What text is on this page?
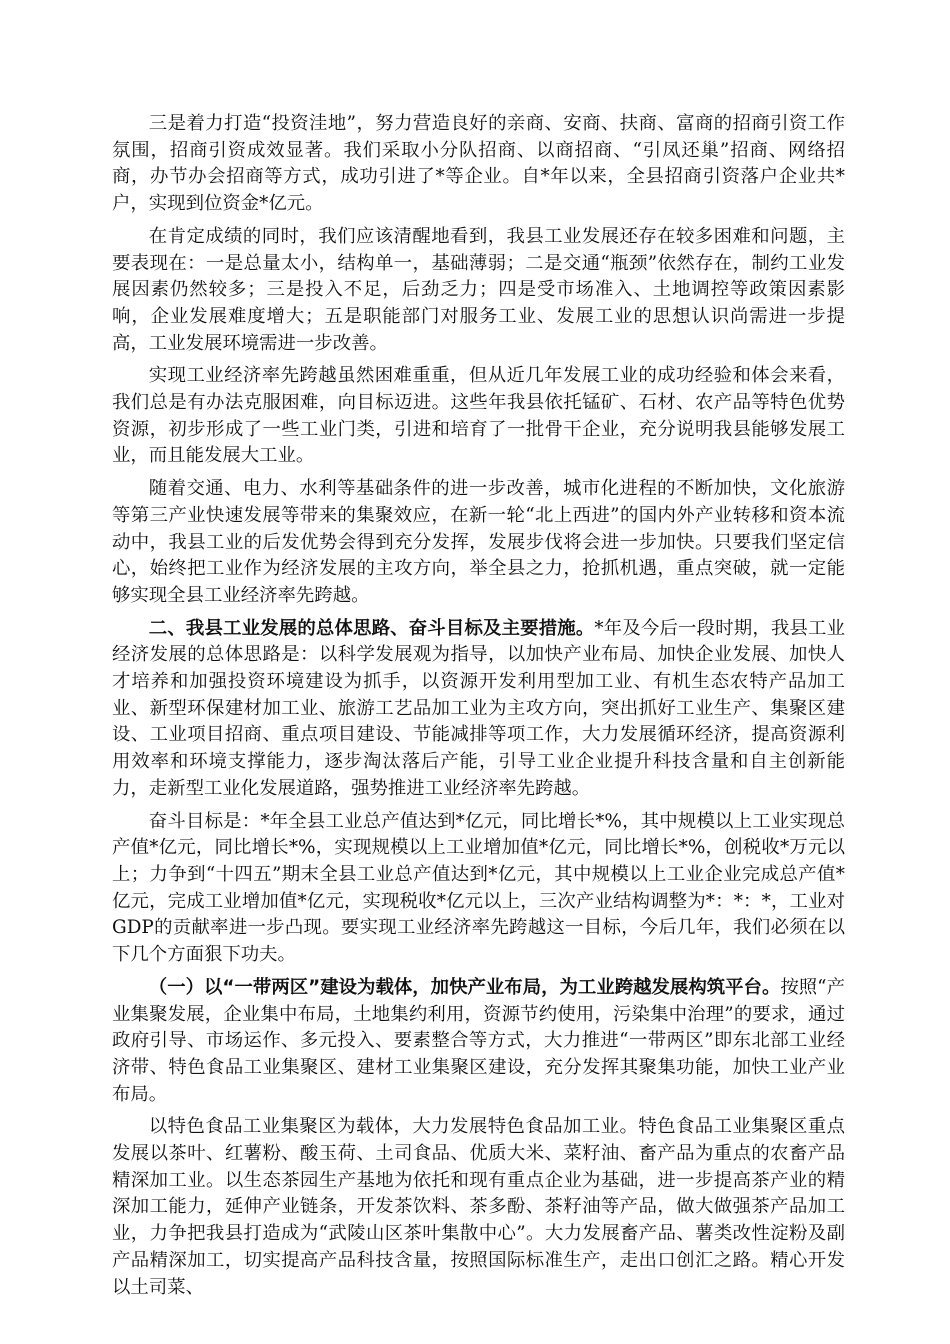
三是着力打造“投资洼地”，努力营造良好的亲商、安商、扶商、富商的招商引资工作氛围，招商引资成效显著。我们采取小分队招商、以商招商、“引凤还巢”招商、网络招商，办节办会招商等方式，成功引进了*等企业。自*年以来，全县招商引资落户企业共*户，实现到位资金*亿元。

在肯定成绩的同时，我们应该清醒地看到，我县工业发展还存在较多困难和问题，主要表现在：一是总量太小，结构单一，基础薄弱；二是交通“瓶颈”依然存在，制约工业发展因素仍然较多；三是投入不足，后劲乏力；四是受市场准入、土地调控等政策因素影响，企业发展难度增大；五是职能部门对服务工业、发展工业的思想认识尚需进一步提高，工业发展环境需进一步改善。

实现工业经济率先跨越虽然困难重重，但从近几年发展工业的成功经验和体会来看，我们总是有办法克服困难，向目标迈进。这些年我县依托锰矿、石材、农产品等特色优势资源，初步形成了一些工业门类，引进和培育了一批骨干企业，充分说明我县能够发展工业，而且能发展大工业。

随着交通、电力、水利等基础条件的进一步改善，城市化进程的不断加快，文化旅游等第三产业快速发展等带来的集聚效应，在新一轮“北上西进”的国内外产业转移和资本流动中，我县工业的后发优势会得到充分发挥，发展步伐将会进一步加快。只要我们坚定信心，始终把工业作为经济发展的主攻方向，举全县之力，抢抓机遇，重点突破，就一定能够实现全县工业经济率先跨越。

二、我县工业发展的总体思路、奋斗目标及主要措施。*年及今后一段时期，我县工业经济发展的总体思路是：以科学发展观为指导，以加快产业布局、加快企业发展、加快人才培养和加强投资环境建设为抓手，以资源开发利用型加工业、有机生态农特产品加工业、新型环保建材加工业、旅游工艺品加工业为主攻方向，突出抓好工业生产、集聚区建设、工业项目招商、重点项目建设、节能减排等项工作，大力发展循环经济，提高资源利用效率和环境支撑能力，逐步淘汰落后产能，引导工业企业提升科技含量和自主创新能力，走新型工业化发展道路，强势推进工业经济率先跨越。

奋斗目标是：*年全县工业总产值达到*亿元，同比增长*%，其中规模以上工业实现总产值*亿元，同比增长*%，实现规模以上工业增加值*亿元，同比增长*%，创税收*万元以上；力争到“十四五”期末全县工业总产值达到*亿元，其中规模以上工业企业完成总产值*亿元，完成工业增加值*亿元，实现税收*亿元以上，三次产业结构调整为*：*：*，工业对GDP的贡献率进一步凸现。要实现工业经济率先跨越这一目标，今后几年，我们必须在以下几个方面狠下功夫。

（一）以“一带两区”建设为载体，加快产业布局，为工业跨越发展构筑平台。按照“产业集聚发展，企业集中布局，土地集约利用，资源节约使用，污染集中治理”的要求，通过政府引导、市场运作、多元投入、要素整合等方式，大力推进“一带两区”即东北部工业经济带、特色食品工业集聚区、建材工业集聚区建设，充分发挥其聚集功能，加快工业产业布局。

以特色食品工业集聚区为载体，大力发展特色食品加工业。特色食品工业集聚区重点发展以茶叶、红薯粉、酸玉荷、土司食品、优质大米、菜籽油、畜产品为重点的农畜产品精深加工业。以生态茶园生产基地为依托和现有重点企业为基础，进一步提高茶产业的精深加工能力，延伸产业链条，开发茶饮料、茶多酚、茶籽油等产品，做大做强茶产品加工业，力争把我县打造成为“武陵山区茶叶集散中心”。大力发展畜产品、薯类改性淀粉及副产品精深加工，切实提高产品科技含量，按照国际标准生产，走出口创汇之路。精心开发以土司菜、
